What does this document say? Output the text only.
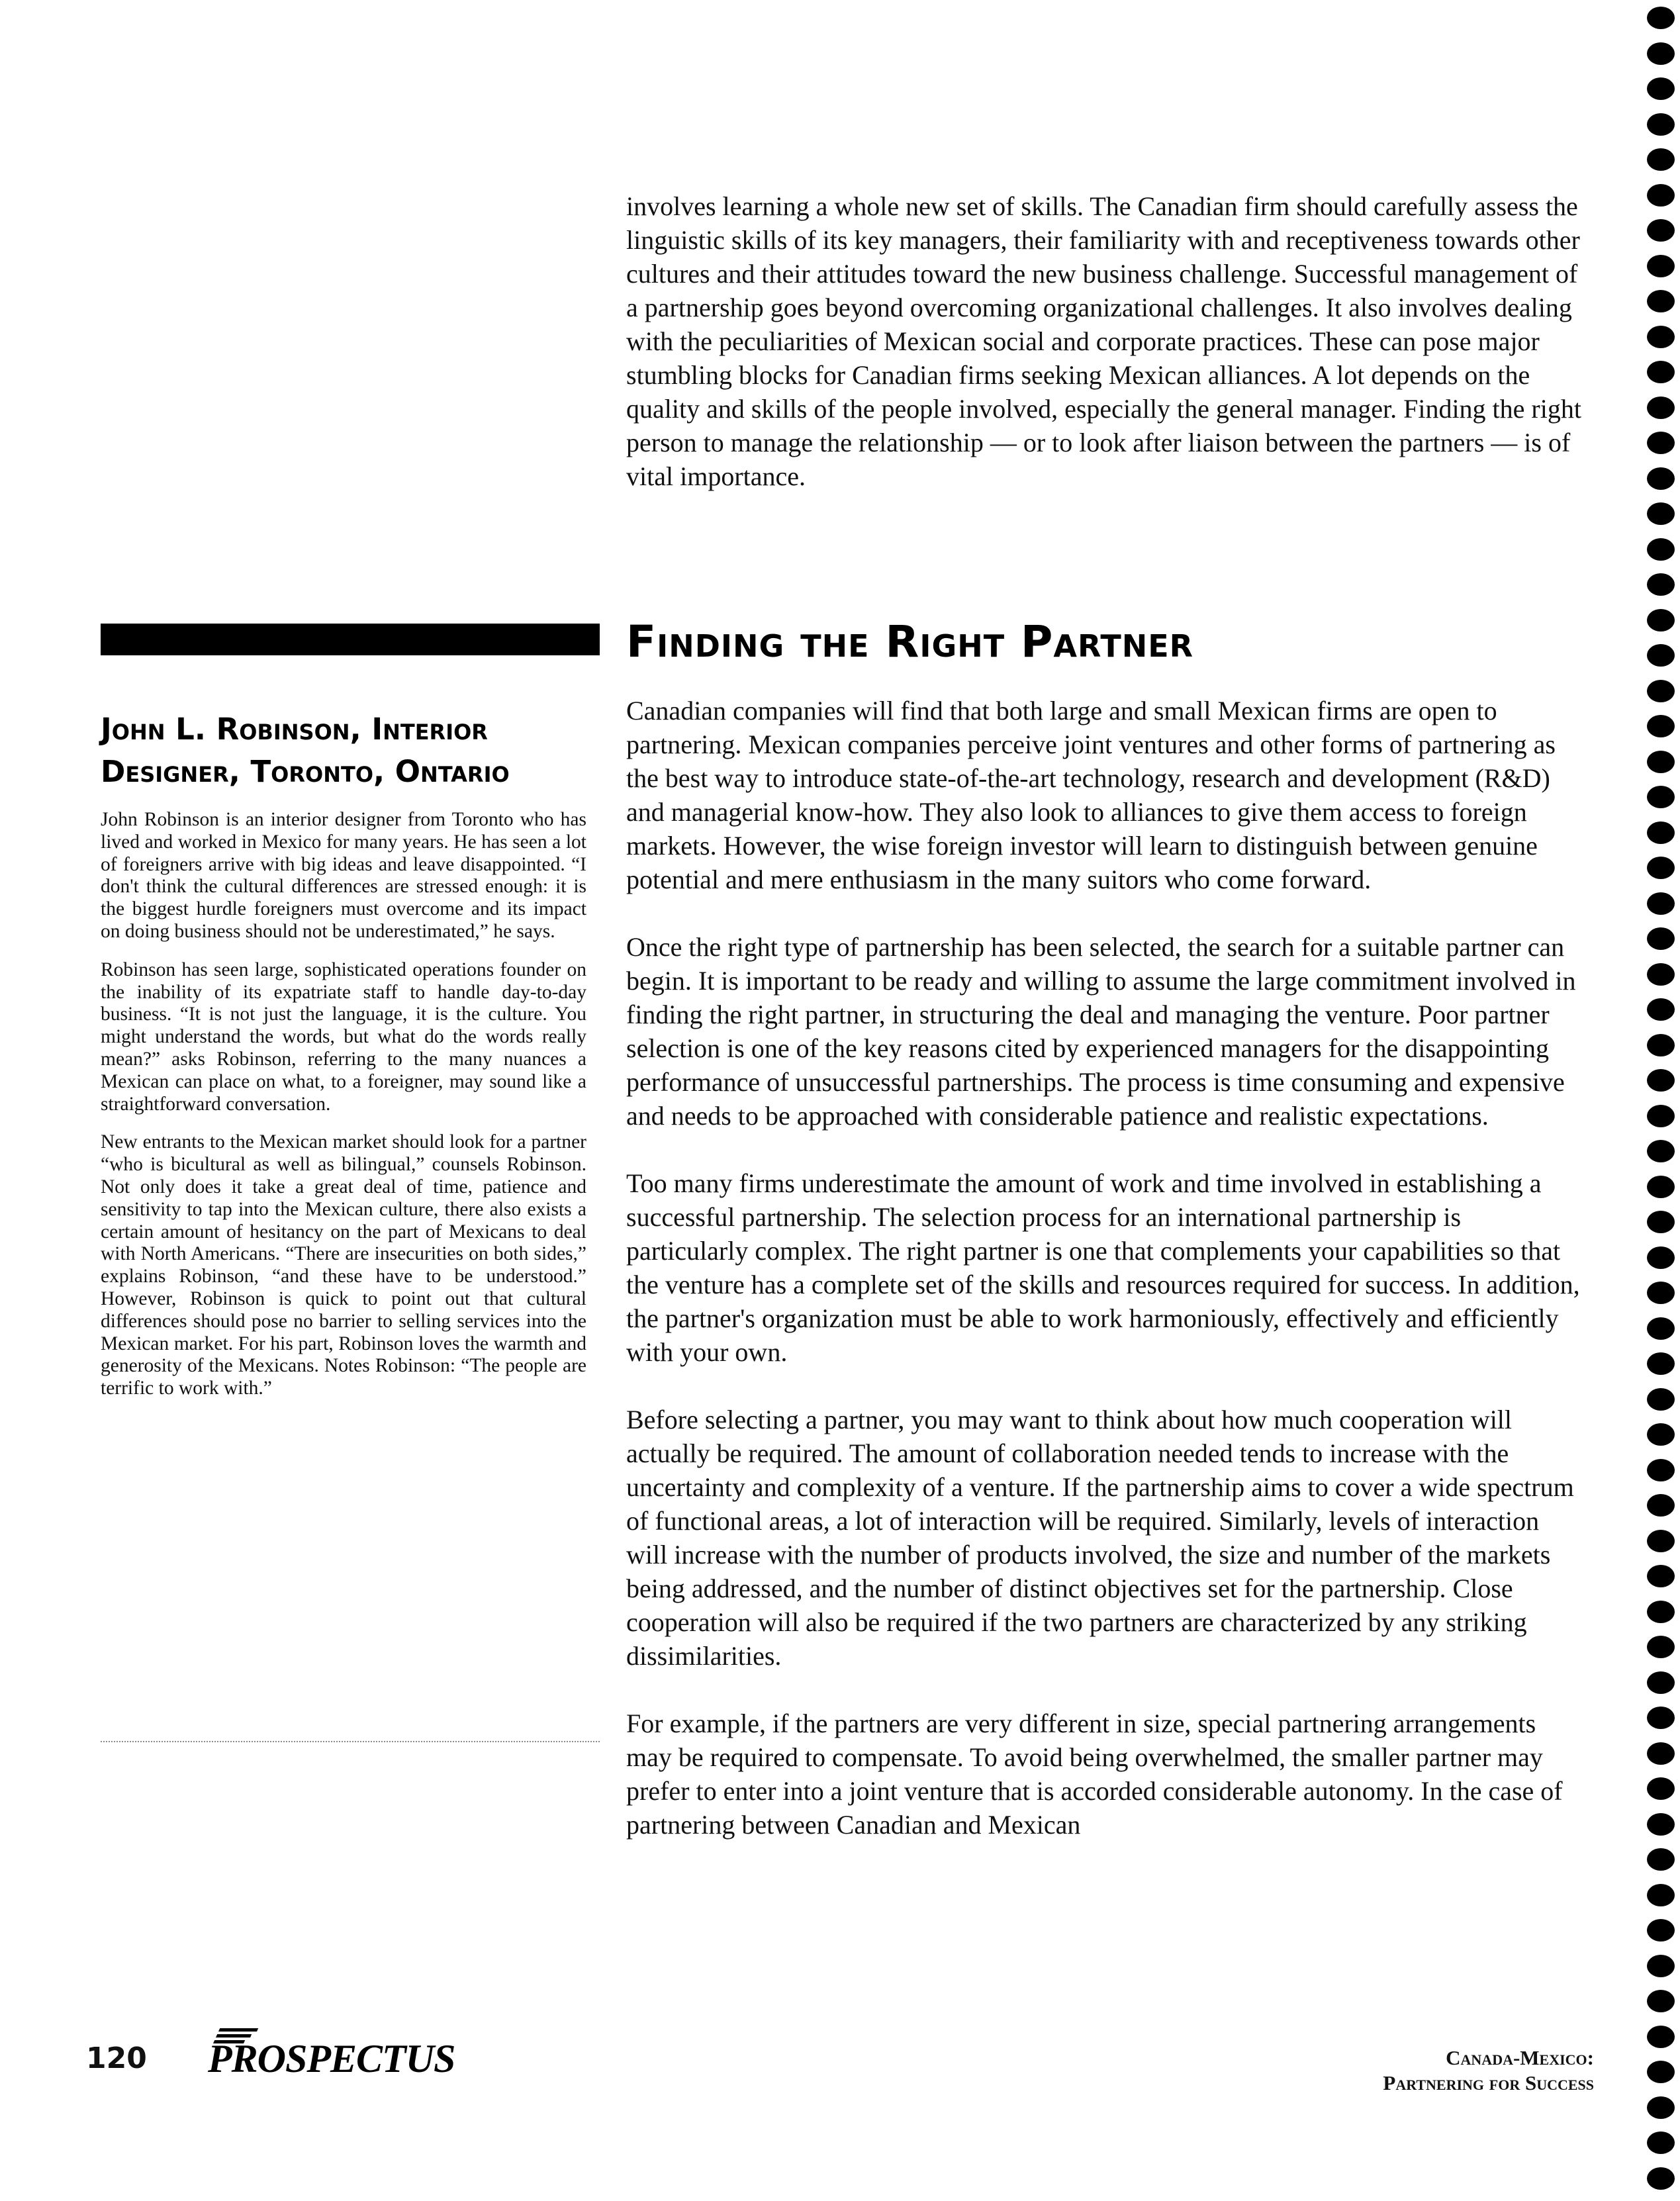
involves learning a whole new set of skills. The Canadian firm should carefully assess the linguistic skills of its key managers, their familiarity with and receptiveness towards other cultures and their attitudes toward the new business challenge. Successful management of a partnership goes beyond overcoming organizational challenges. It also involves dealing with the peculiarities of Mexican social and corporate practices. These can pose major stumbling blocks for Canadian firms seeking Mexican alliances. A lot depends on the quality and skills of the people involved, especially the general manager. Finding the right person to manage the relationship — or to look after liaison between the partners — is of vital importance.

Finding the Right Partner

Canadian companies will find that both large and small Mexican firms are open to partnering. Mexican companies perceive joint ventures and other forms of partnering as the best way to introduce state-of-the-art technology, research and development (R&D) and managerial know-how. They also look to alliances to give them access to foreign markets. However, the wise foreign investor will learn to distinguish between genuine potential and mere enthusiasm in the many suitors who come forward.

Once the right type of partnership has been selected, the search for a suitable partner can begin. It is important to be ready and willing to assume the large commitment involved in finding the right partner, in structuring the deal and managing the venture. Poor partner selection is one of the key reasons cited by experienced managers for the disappointing performance of unsuccessful partnerships. The process is time consuming and expensive and needs to be approached with considerable patience and realistic expectations.

Too many firms underestimate the amount of work and time involved in establishing a successful partnership. The selection process for an international partnership is particularly complex. The right partner is one that complements your capabilities so that the venture has a complete set of the skills and resources required for success. In addition, the partner's organization must be able to work harmoniously, effectively and efficiently with your own.

Before selecting a partner, you may want to think about how much cooperation will actually be required. The amount of collaboration needed tends to increase with the uncertainty and complexity of a venture. If the partnership aims to cover a wide spectrum of functional areas, a lot of interaction will be required. Similarly, levels of interaction will increase with the number of products involved, the size and number of the markets being addressed, and the number of distinct objectives set for the partnership. Close cooperation will also be required if the two partners are characterized by any striking dissimilarities.

For example, if the partners are very different in size, special partnering arrangements may be required to compensate. To avoid being overwhelmed, the smaller partner may prefer to enter into a joint venture that is accorded considerable autonomy. In the case of partnering between Canadian and Mexican

John L. Robinson, Interior Designer, Toronto, Ontario

John Robinson is an interior designer from Toronto who has lived and worked in Mexico for many years. He has seen a lot of foreigners arrive with big ideas and leave disappointed. “I don't think the cultural differences are stressed enough: it is the biggest hurdle foreigners must overcome and its impact on doing business should not be underestimated,” he says.

Robinson has seen large, sophisticated operations founder on the inability of its expatriate staff to handle day-to-day business. “It is not just the language, it is the culture. You might understand the words, but what do the words really mean?” asks Robinson, referring to the many nuances a Mexican can place on what, to a foreigner, may sound like a straightforward conversation.

New entrants to the Mexican market should look for a partner “who is bicultural as well as bilingual,” counsels Robinson. Not only does it take a great deal of time, patience and sensitivity to tap into the Mexican culture, there also exists a certain amount of hesitancy on the part of Mexicans to deal with North Americans. “There are insecurities on both sides,” explains Robinson, “and these have to be understood.” However, Robinson is quick to point out that cultural differences should pose no barrier to selling services into the Mexican market. For his part, Robinson loves the warmth and generosity of the Mexicans. Notes Robinson: “The people are terrific to work with.”

120 PROSPECTUS	Canada-Mexico:
Partnering for Success
